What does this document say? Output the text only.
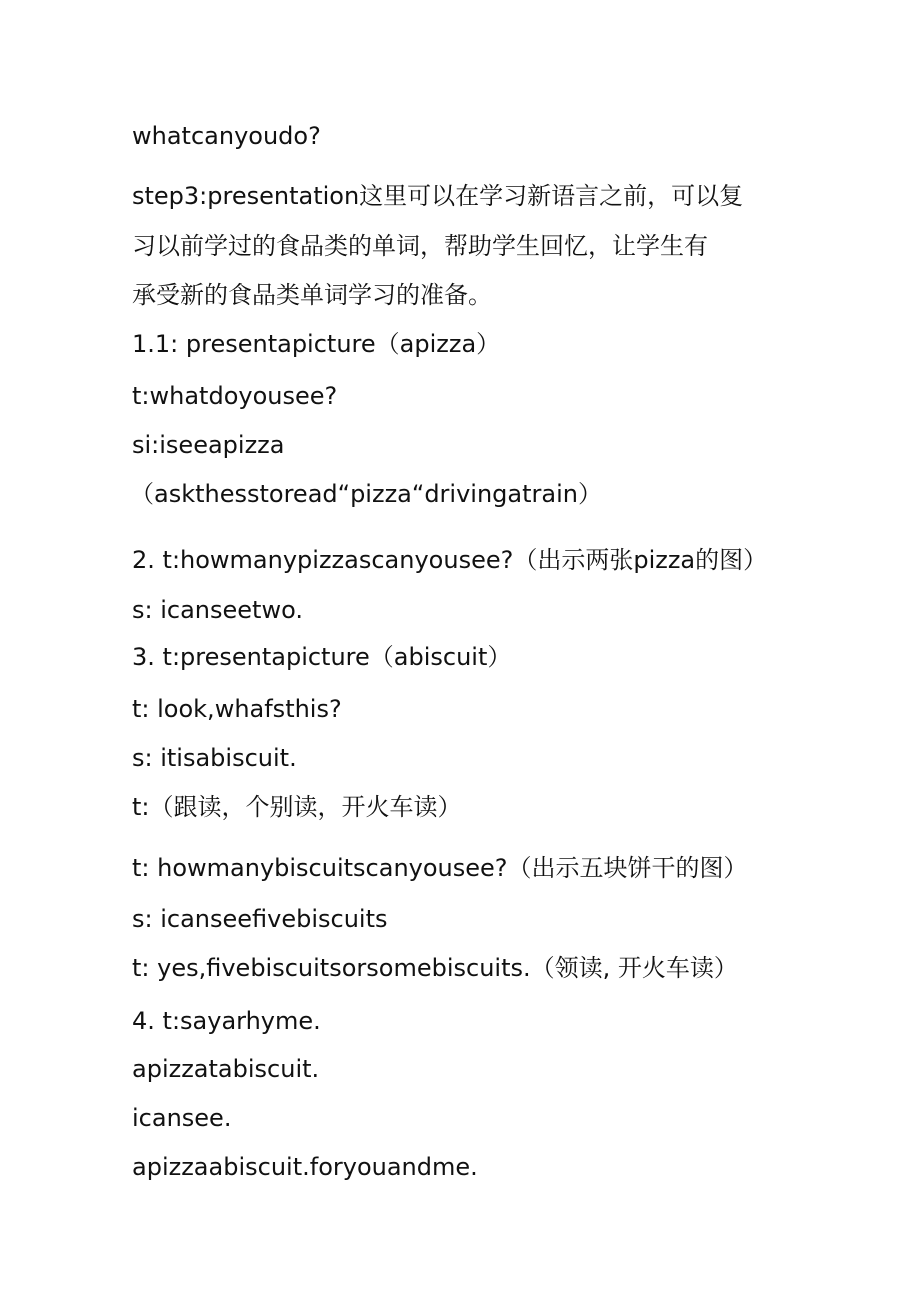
whatcanyoudo?
step3:presentation这里可以在学习新语言之前，可以复
习以前学过的食品类的单词，帮助学生回忆，让学生有
承受新的食品类单词学习的准备。
1.1: presentapicture（apizza）
t:whatdoyousee?
si:iseeapizza
（askthesstoread“pizza“drivingatrain）
2. t:howmanypizzascanyousee?（出示两张pizza的图）
s: icanseetwo.
3. t:presentapicture（abiscuit）
t: look,whafsthis?
s: itisabiscuit.
t:（跟读，个别读，开火车读）
t: howmanybiscuitscanyousee?（出示五块饼干的图）
s: icanseefivebiscuits
t: yes,fivebiscuitsorsomebiscuits.（领读, 开火车读）
4. t:sayarhyme.
apizzatabiscuit.
icansee.
apizzaabiscuit.foryouandme.
